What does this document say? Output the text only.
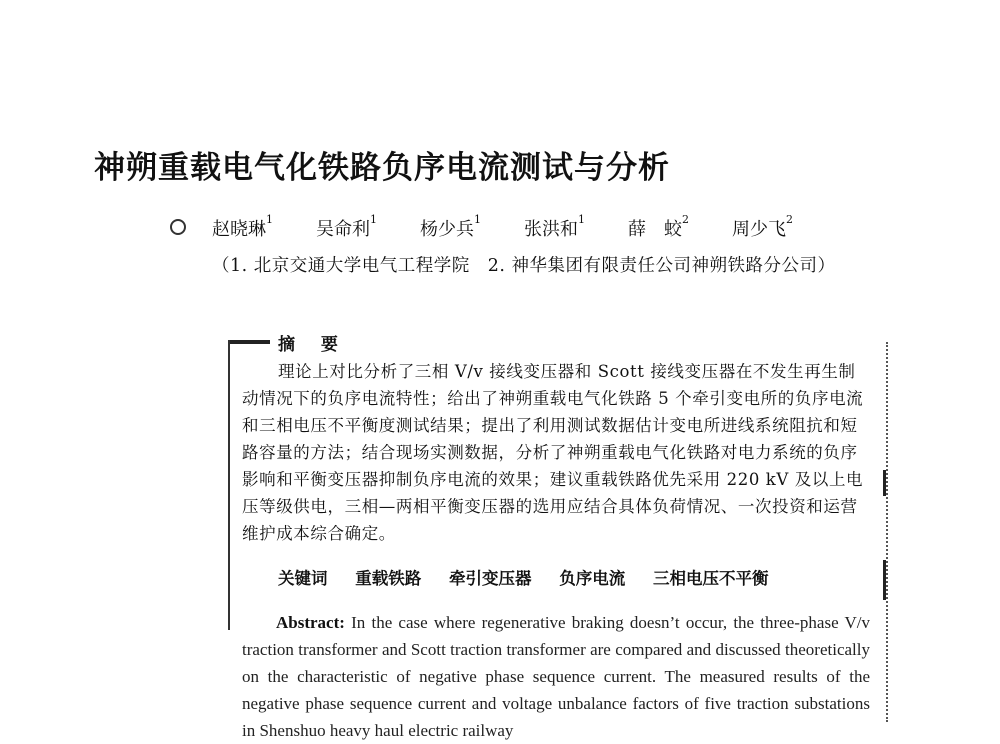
神朔重载电气化铁路负序电流测试与分析
赵晓琳$^1$ 吴命利$^1$ 杨少兵$^1$ 张洪和$^1$ 薛　蛟$^2$ 周少飞$^2$
（1. 北京交通大学电气工程学院　2. 神华集团有限责任公司神朔铁路分公司）
摘 要
理论上对比分析了三相 V/v 接线变压器和 Scott 接线变压器在不发生再生制动情况下的负序电流特性；给出了神朔重载电气化铁路 5 个牵引变电所的负序电流和三相电压不平衡度测试结果；提出了利用测试数据估计变电所进线系统阻抗和短路容量的方法；结合现场实测数据，分析了神朔重载电气化铁路对电力系统的负序影响和平衡变压器抑制负序电流的效果；建议重载铁路优先采用 220 kV 及以上电压等级供电，三相—两相平衡变压器的选用应结合具体负荷情况、一次投资和运营维护成本综合确定。
关键词 重载铁路 牵引变压器 负序电流 三相电压不平衡
Abstract: In the case where regenerative braking doesn’t occur, the three-phase V/v traction transformer and Scott traction transformer are compared and discussed theoretically on the characteristic of negative phase sequence current. The measured results of the negative phase sequence current and voltage unbalance factors of five traction substations in Shenshuo heavy haul electric railway
